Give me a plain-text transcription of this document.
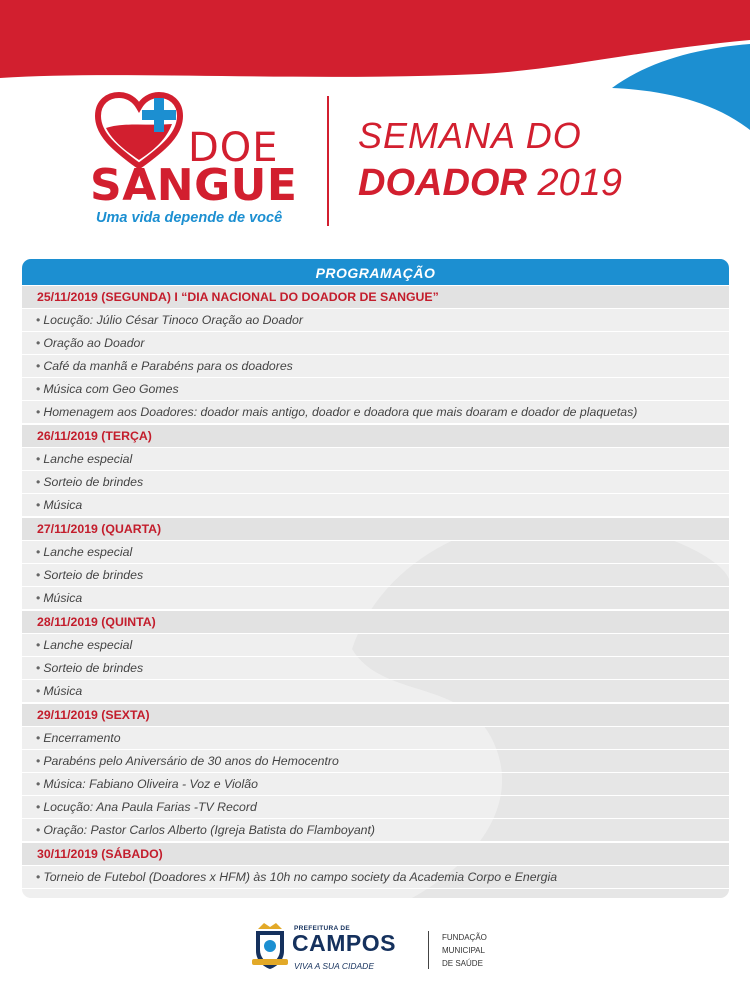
DOE
SANGUE
Uma vida depende de você
SEMANA DO
DOADOR 2019
PROGRAMAÇÃO
25/11/2019 (SEGUNDA) I “DIA NACIONAL DO DOADOR DE SANGUE”
• Locução: Júlio César Tinoco Oração ao Doador
• Oração ao Doador
• Café da manhã e Parabéns para os doadores
• Música com Geo Gomes
• Homenagem aos Doadores: doador mais antigo, doador e doadora que mais doaram e doador de plaquetas)
26/11/2019 (TERÇA)
• Lanche especial
• Sorteio de brindes
• Música
27/11/2019 (QUARTA)
• Lanche especial
• Sorteio de brindes
• Música
28/11/2019 (QUINTA)
• Lanche especial
• Sorteio de brindes
• Música
29/11/2019 (SEXTA)
• Encerramento
• Parabéns pelo Aniversário de 30 anos do Hemocentro
• Música: Fabiano Oliveira - Voz e Violão
• Locução: Ana Paula Farias -TV Record
• Oração: Pastor Carlos Alberto (Igreja Batista do Flamboyant)
30/11/2019 (SÁBADO)
• Torneio de Futebol (Doadores x HFM) às 10h no campo society da Academia Corpo e Energia
PREFEITURA DE
CAMPOS
VIVA A SUA CIDADE
FUNDAÇÃO
MUNICIPAL
DE SAÚDE
